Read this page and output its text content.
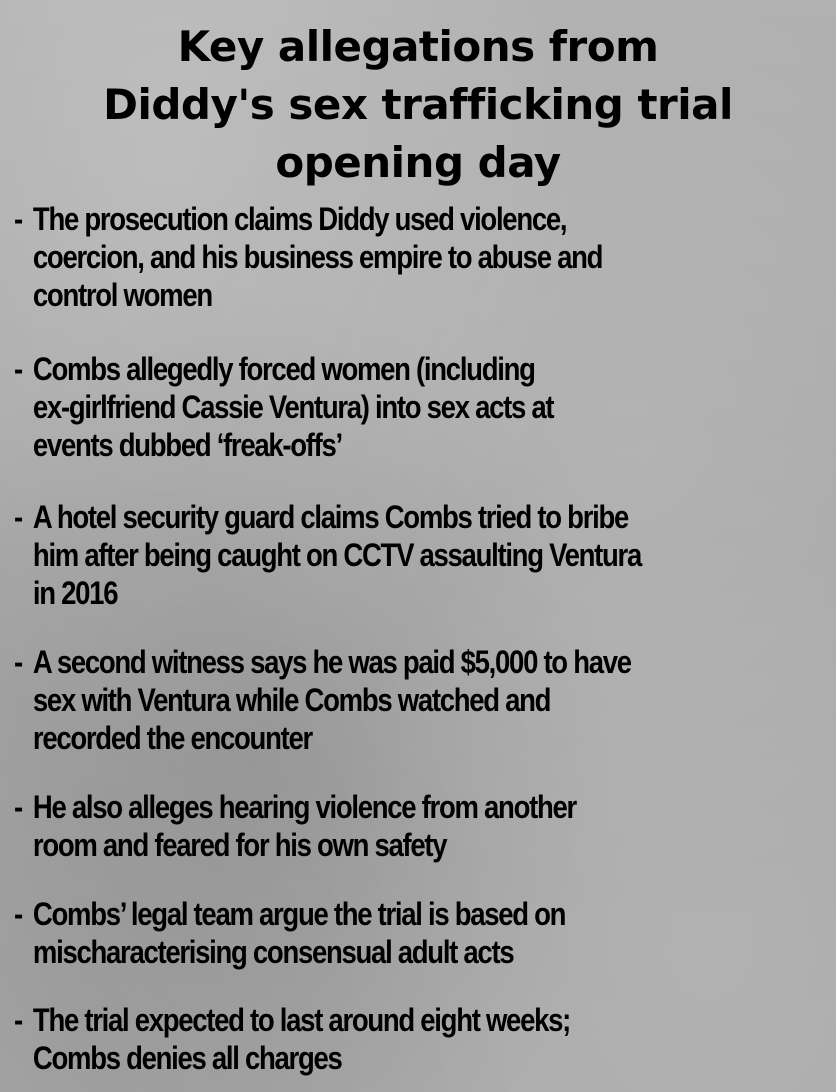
Key allegations from
Diddy's sex trafficking trial
opening day
- The prosecution claims Diddy used violence,
coercion, and his business empire to abuse and
control women
- Combs allegedly forced women (including
ex-girlfriend Cassie Ventura) into sex acts at
events dubbed ‘freak-offs’
- A hotel security guard claims Combs tried to bribe
him after being caught on CCTV assaulting Ventura
in 2016
- A second witness says he was paid $5,000 to have
sex with Ventura while Combs watched and
recorded the encounter
- He also alleges hearing violence from another
room and feared for his own safety
- Combs’ legal team argue the trial is based on
mischaracterising consensual adult acts
- The trial expected to last around eight weeks;
Combs denies all charges
